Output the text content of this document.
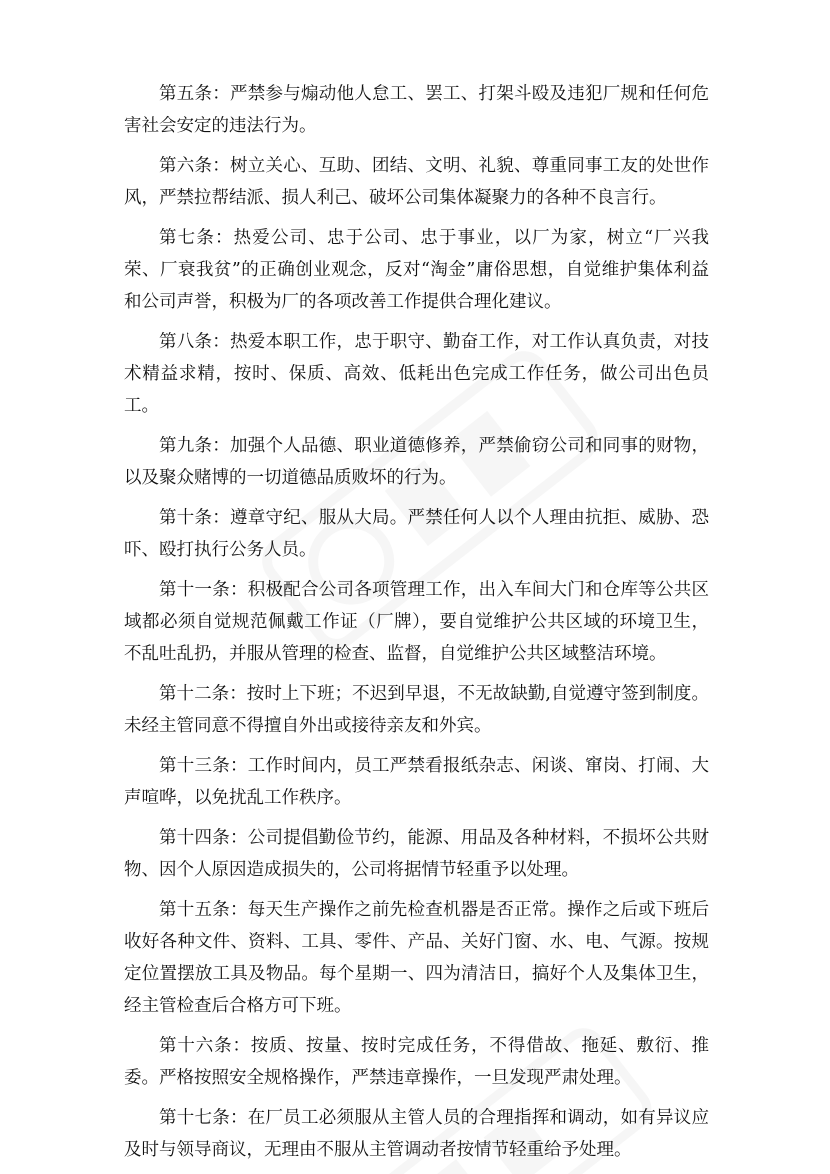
第五条：严禁参与煽动他人怠工、罢工、打架斗殴及违犯厂规和任何危害社会安定的违法行为。

第六条：树立关心、互助、团结、文明、礼貌、尊重同事工友的处世作风，严禁拉帮结派、损人利己、破坏公司集体凝聚力的各种不良言行。

第七条：热爱公司、忠于公司、忠于事业，以厂为家，树立“厂兴我荣、厂衰我贫”的正确创业观念，反对“淘金”庸俗思想，自觉维护集体利益和公司声誉，积极为厂的各项改善工作提供合理化建议。

第八条：热爱本职工作，忠于职守、勤奋工作，对工作认真负责，对技术精益求精，按时、保质、高效、低耗出色完成工作任务，做公司出色员工。

第九条：加强个人品德、职业道德修养，严禁偷窃公司和同事的财物，以及聚众赌博的一切道德品质败坏的行为。

第十条：遵章守纪、服从大局。严禁任何人以个人理由抗拒、威胁、恐吓、殴打执行公务人员。

第十一条：积极配合公司各项管理工作，出入车间大门和仓库等公共区域都必须自觉规范佩戴工作证（厂牌），要自觉维护公共区域的环境卫生，不乱吐乱扔，并服从管理的检查、监督，自觉维护公共区域整洁环境。

第十二条：按时上下班；不迟到早退，不无故缺勤,自觉遵守签到制度。未经主管同意不得擅自外出或接待亲友和外宾。

第十三条：工作时间内，员工严禁看报纸杂志、闲谈、窜岗、打闹、大声喧哗，以免扰乱工作秩序。

第十四条：公司提倡勤俭节约，能源、用品及各种材料，不损坏公共财物、因个人原因造成损失的，公司将据情节轻重予以处理。

第十五条：每天生产操作之前先检查机器是否正常。操作之后或下班后收好各种文件、资料、工具、零件、产品、关好门窗、水、电、气源。按规定位置摆放工具及物品。每个星期一、四为清洁日，搞好个人及集体卫生，经主管检查后合格方可下班。

第十六条：按质、按量、按时完成任务，不得借故、拖延、敷衍、推委。严格按照安全规格操作，严禁违章操作，一旦发现严肃处理。

第十七条：在厂员工必须服从主管人员的合理指挥和调动，如有异议应及时与领导商议，无理由不服从主管调动者按情节轻重给予处理。
